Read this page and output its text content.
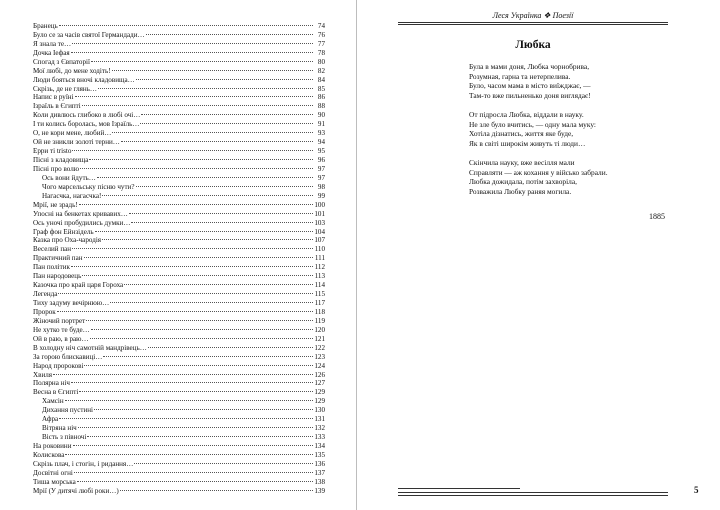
Бранець	74
Було се за часів святої Германдади…	76
Я знала те…	77
Дочка Іефая	78
Спогад з Євпаторії	80
Мої любі, до мене ходіть!	82
Люди бояться вночі кладовища…	84
Скрізь, де не глянь…	85
Напис в руїні	86
Ізраїль в Єгипті	88
Коли дивлюсь глибоко в любі очі…	90
І ти колись боролась, мов Ізраїль…	91
О, не кори мене, любий…	93
Ой не зникли золоті терни…	94
Ерри ті tristo	95
Пісні з кладовища	96
Пісні про волю	97
Ось вони йдуть…	97
Чого марсельську пісню чути?	98
Нагасчка, нагасчка!	99
Мрії, не зрадь!	100
Упосні на бенкетах кривавих…	101
Ось уночі пробудились думки…	103
Граф фон Ейнзідель	104
Казка про Оха-чародія	107
Веселий пан	110
Практичний пан	111
Пан політик	112
Пан народовець	113
Казочка про край царя Гороха	114
Легенда	115
Тиху задуму вечірнюю…	117
Пророк	118
Жіночий портрет	119
Не хутко те буде…	120
Ой в раю, в раю…	121
В холодну ніч самотній мандрівець…	122
За горою блискавиці…	123
Народ пророкові	124
Хвиля	126
Полярна ніч	127
Весна в Єгипті	129
Хамсін	129
Дихання пустині	130
Афра	131
Вітряна ніч	132
Вість з півночі	133
На роковини	134
Колискова	135
Скрізь плач, і стогін, і ридання…	136
Досвітні огні	137
Тиша морська	138
Мрії (У дитячі любі роки…)	139
Леся Українка ❖ Поезії
Любка
Була в мами доня, Любка чорнобрива,
Розумная, гарна та нетерпелива.
Було, часом мама в місто виїжджає, —
Там-то вже пильненько доня виглядає!
От підросла Любка, віддали в науку.
Не зле було вчитись, — одну мала муку:
Хотіла дізнатись, життя яке буде,
Як в світі широкім живуть ті люди…
Скінчила науку, вже весілля мали
Справляти — аж кохання у військо забрали.
Любка дожидала, потім захворіла,
Розважила Любку раняя могила.
1885
5
